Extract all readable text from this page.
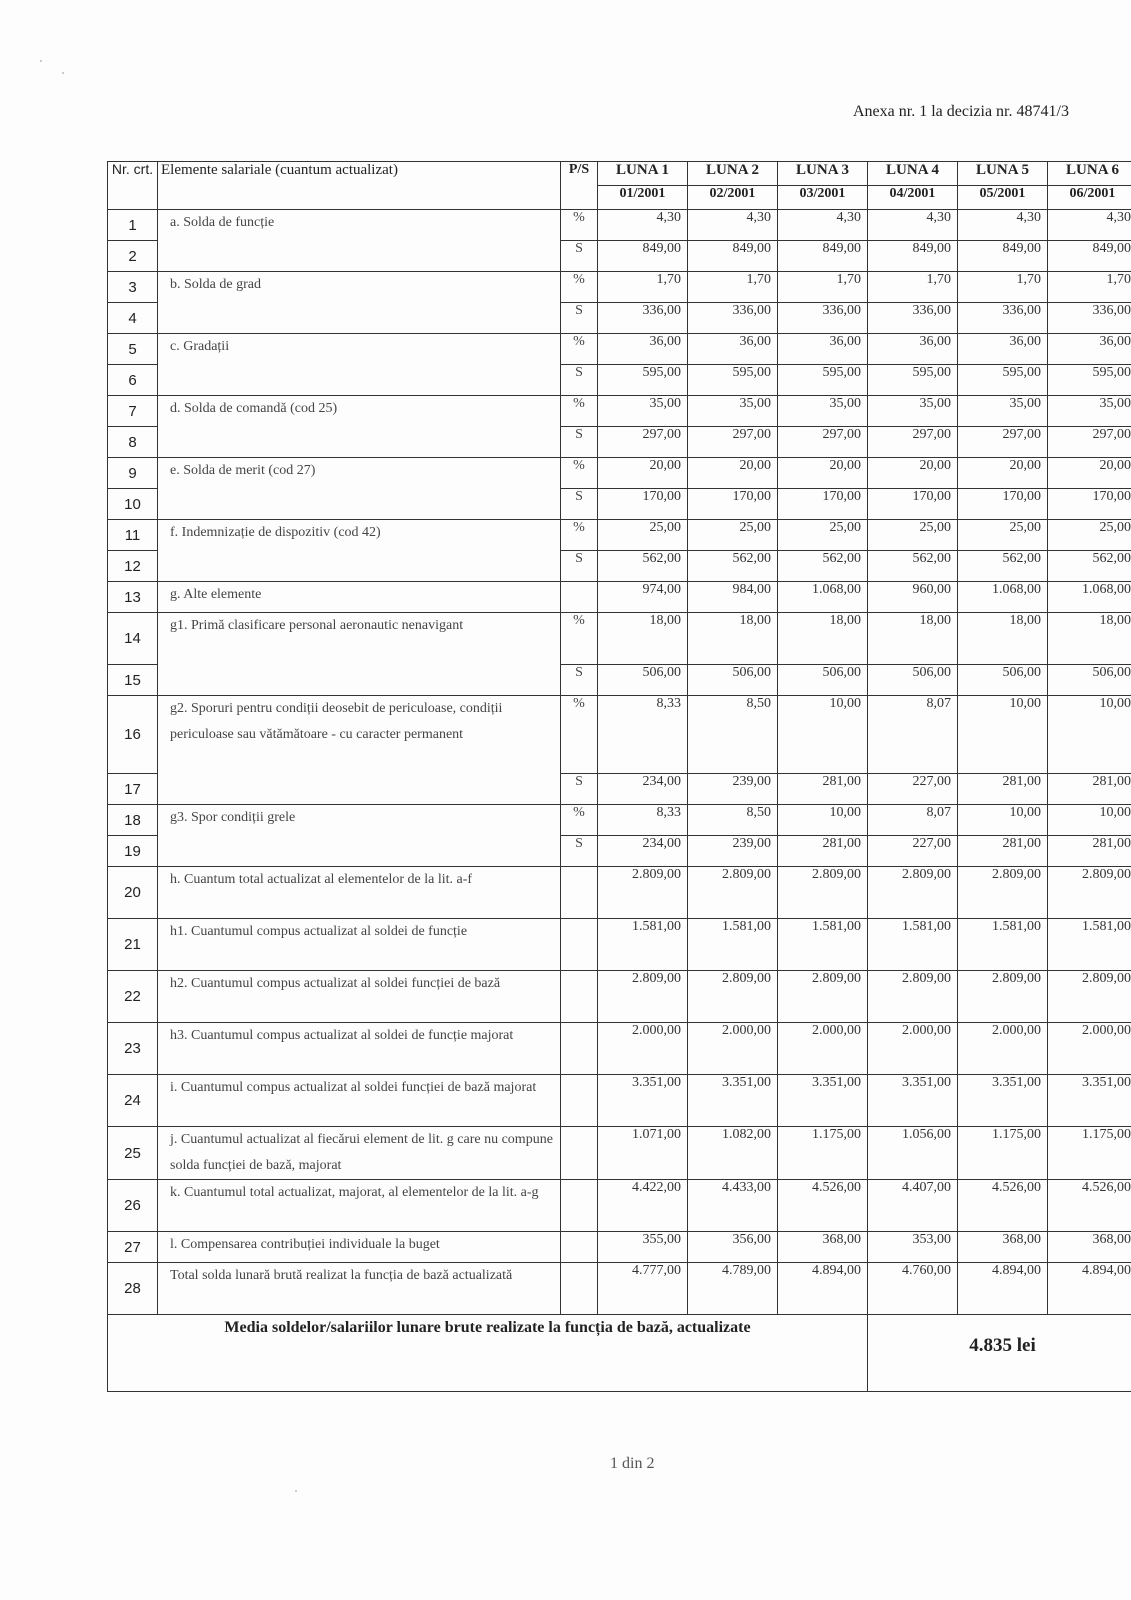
Anexa nr. 1 la decizia nr. 48741/3
Nr. crt.	Elemente salariale (cuantum actualizat)	P/S	LUNA 1	LUNA 2	LUNA 3	LUNA 4	LUNA 5	LUNA 6
			01/2001	02/2001	03/2001	04/2001	05/2001	06/2001
1	a. Solda de funcție	%	4,30	4,30	4,30	4,30	4,30	4,30
2		S	849,00	849,00	849,00	849,00	849,00	849,00
3	b. Solda de grad	%	1,70	1,70	1,70	1,70	1,70	1,70
4		S	336,00	336,00	336,00	336,00	336,00	336,00
5	c. Gradații	%	36,00	36,00	36,00	36,00	36,00	36,00
6		S	595,00	595,00	595,00	595,00	595,00	595,00
7	d. Solda de comandă (cod 25)	%	35,00	35,00	35,00	35,00	35,00	35,00
8		S	297,00	297,00	297,00	297,00	297,00	297,00
9	e. Solda de merit (cod 27)	%	20,00	20,00	20,00	20,00	20,00	20,00
10		S	170,00	170,00	170,00	170,00	170,00	170,00
11	f. Indemnizație de dispozitiv (cod 42)	%	25,00	25,00	25,00	25,00	25,00	25,00
12		S	562,00	562,00	562,00	562,00	562,00	562,00
13	g. Alte elemente		974,00	984,00	1.068,00	960,00	1.068,00	1.068,00
14	g1. Primă clasificare personal aeronautic nenavigant	%	18,00	18,00	18,00	18,00	18,00	18,00
15		S	506,00	506,00	506,00	506,00	506,00	506,00
16	g2. Sporuri pentru condiții deosebit de periculoase, condiții periculoase sau vătămătoare - cu caracter permanent	%	8,33	8,50	10,00	8,07	10,00	10,00
17		S	234,00	239,00	281,00	227,00	281,00	281,00
18	g3. Spor condiții grele	%	8,33	8,50	10,00	8,07	10,00	10,00
19		S	234,00	239,00	281,00	227,00	281,00	281,00
20	h. Cuantum total actualizat al elementelor de la lit. a-f		2.809,00	2.809,00	2.809,00	2.809,00	2.809,00	2.809,00
21	h1. Cuantumul compus actualizat al soldei de funcție		1.581,00	1.581,00	1.581,00	1.581,00	1.581,00	1.581,00
22	h2. Cuantumul compus actualizat al soldei funcției de bază		2.809,00	2.809,00	2.809,00	2.809,00	2.809,00	2.809,00
23	h3. Cuantumul compus actualizat al soldei de funcție majorat		2.000,00	2.000,00	2.000,00	2.000,00	2.000,00	2.000,00
24	i. Cuantumul compus actualizat al soldei funcției de bază majorat		3.351,00	3.351,00	3.351,00	3.351,00	3.351,00	3.351,00
25	j. Cuantumul actualizat al fiecărui element de lit. g care nu compune solda funcției de bază, majorat		1.071,00	1.082,00	1.175,00	1.056,00	1.175,00	1.175,00
26	k. Cuantumul total actualizat, majorat, al elementelor de la lit. a-g		4.422,00	4.433,00	4.526,00	4.407,00	4.526,00	4.526,00
27	l. Compensarea contribuției individuale la buget		355,00	356,00	368,00	353,00	368,00	368,00
28	Total solda lunară brută realizat la funcția de bază actualizată		4.777,00	4.789,00	4.894,00	4.760,00	4.894,00	4.894,00
Media soldelor/salariilor lunare brute realizate la funcția de bază, actualizate						4.835 lei		
1 din 2
